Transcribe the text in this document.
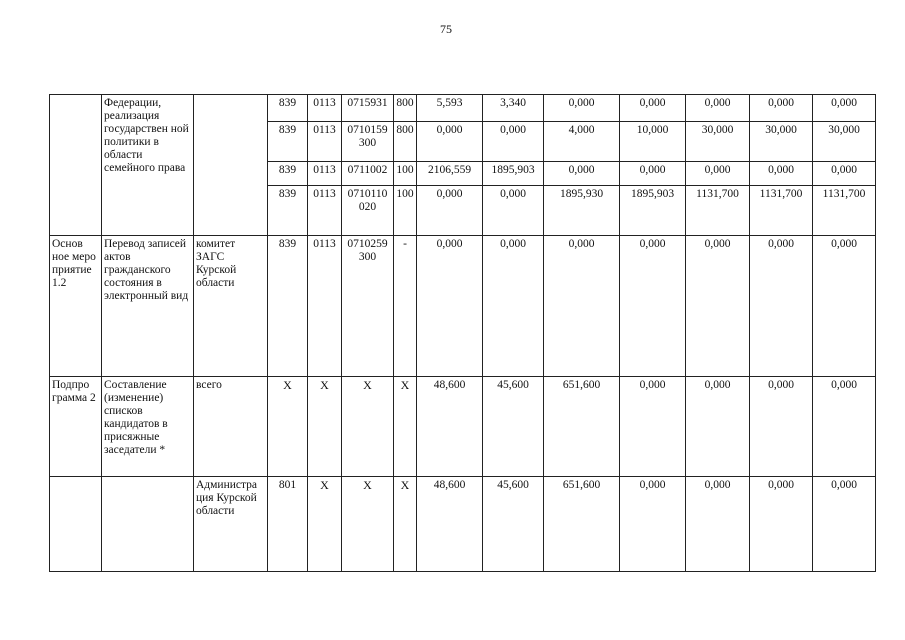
75
	Федерации, реализация государствен ной политики в области семейного права		839	0113	0715931	800	5,593	3,340	0,000	0,000	0,000	0,000	0,000
			839	0113	0710159 300	800	0,000	0,000	4,000	10,000	30,000	30,000	30,000
			839	0113	0711002	100	2106,559	1895,903	0,000	0,000	0,000	0,000	0,000
			839	0113	0710110 020	100	0,000	0,000	1895,930	1895,903	1131,700	1131,700	1131,700
Основ ное меро приятие 1.2	Перевод записей актов гражданского состояния в электронный вид	комитет ЗАГС Курской области	839	0113	0710259 300	-	0,000	0,000	0,000	0,000	0,000	0,000	0,000
Подпро грамма 2	Составление (изменение) списков кандидатов в присяжные заседатели *	всего	X	X	X	X	48,600	45,600	651,600	0,000	0,000	0,000	0,000
		Администра ция Курской области	801	X	X	X	48,600	45,600	651,600	0,000	0,000	0,000	0,000
